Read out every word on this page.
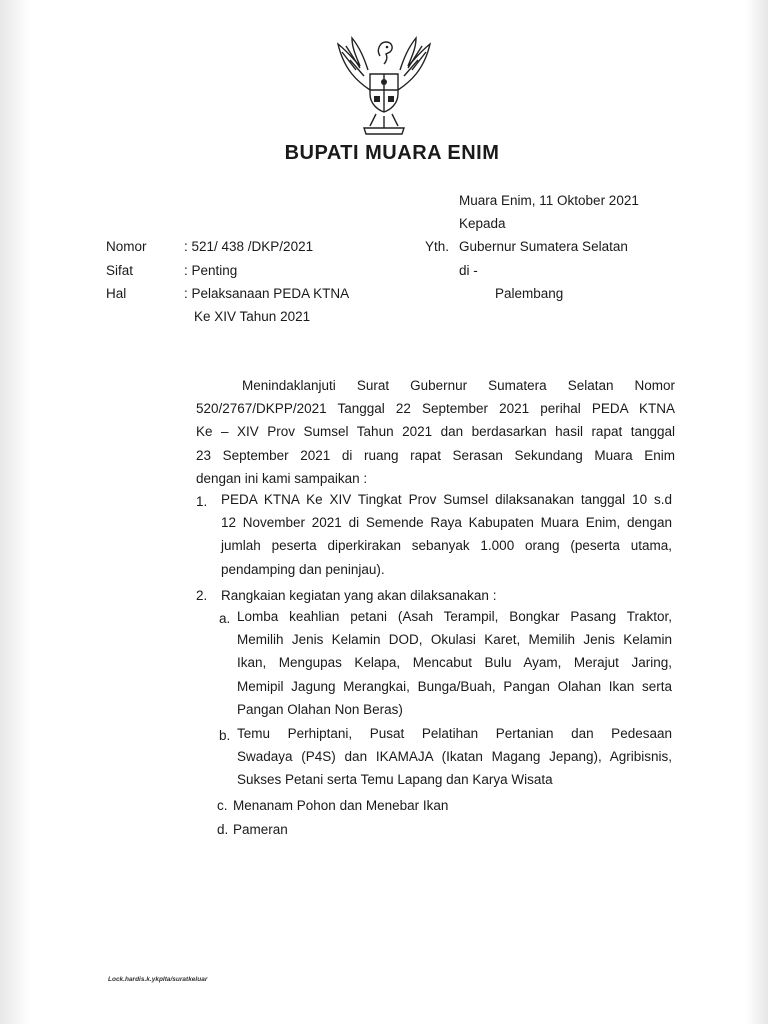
BUPATI MUARA ENIM
Muara Enim, 11 Oktober 2021
Kepada
Yth. Gubernur Sumatera Selatan
di -
Palembang
Nomor	: 521/ 438 /DKP/2021
Sifat	: Penting
Hal	: Pelaksanaan PEDA KTNA
Ke XIV Tahun 2021
Menindaklanjuti Surat Gubernur Sumatera Selatan Nomor
520/2767/DKPP/2021 Tanggal 22 September 2021 perihal PEDA KTNA
Ke – XIV Prov Sumsel Tahun 2021 dan berdasarkan hasil rapat tanggal
23 September 2021 di ruang rapat Serasan Sekundang Muara Enim
dengan ini kami sampaikan :
1. PEDA KTNA Ke XIV Tingkat Prov Sumsel dilaksanakan tanggal 10 s.d
12 November 2021 di Semende Raya Kabupaten Muara Enim, dengan
jumlah peserta diperkirakan sebanyak 1.000 orang (peserta utama,
pendamping dan peninjau).
2. Rangkaian kegiatan yang akan dilaksanakan :
a. Lomba keahlian petani (Asah Terampil, Bongkar Pasang Traktor,
Memilih Jenis Kelamin DOD, Okulasi Karet, Memilih Jenis Kelamin
Ikan, Mengupas Kelapa, Mencabut Bulu Ayam, Merajut Jaring,
Memipil Jagung Merangkai, Bunga/Buah, Pangan Olahan Ikan serta
Pangan Olahan Non Beras)
b. Temu Perhiptani, Pusat Pelatihan Pertanian dan Pedesaan
Swadaya (P4S) dan IKAMAJA (Ikatan Magang Jepang), Agribisnis,
Sukses Petani serta Temu Lapang dan Karya Wisata
c. Menanam Pohon dan Menebar Ikan
d. Pameran
Lock.hardis.k.ykplta/suratkeluar
